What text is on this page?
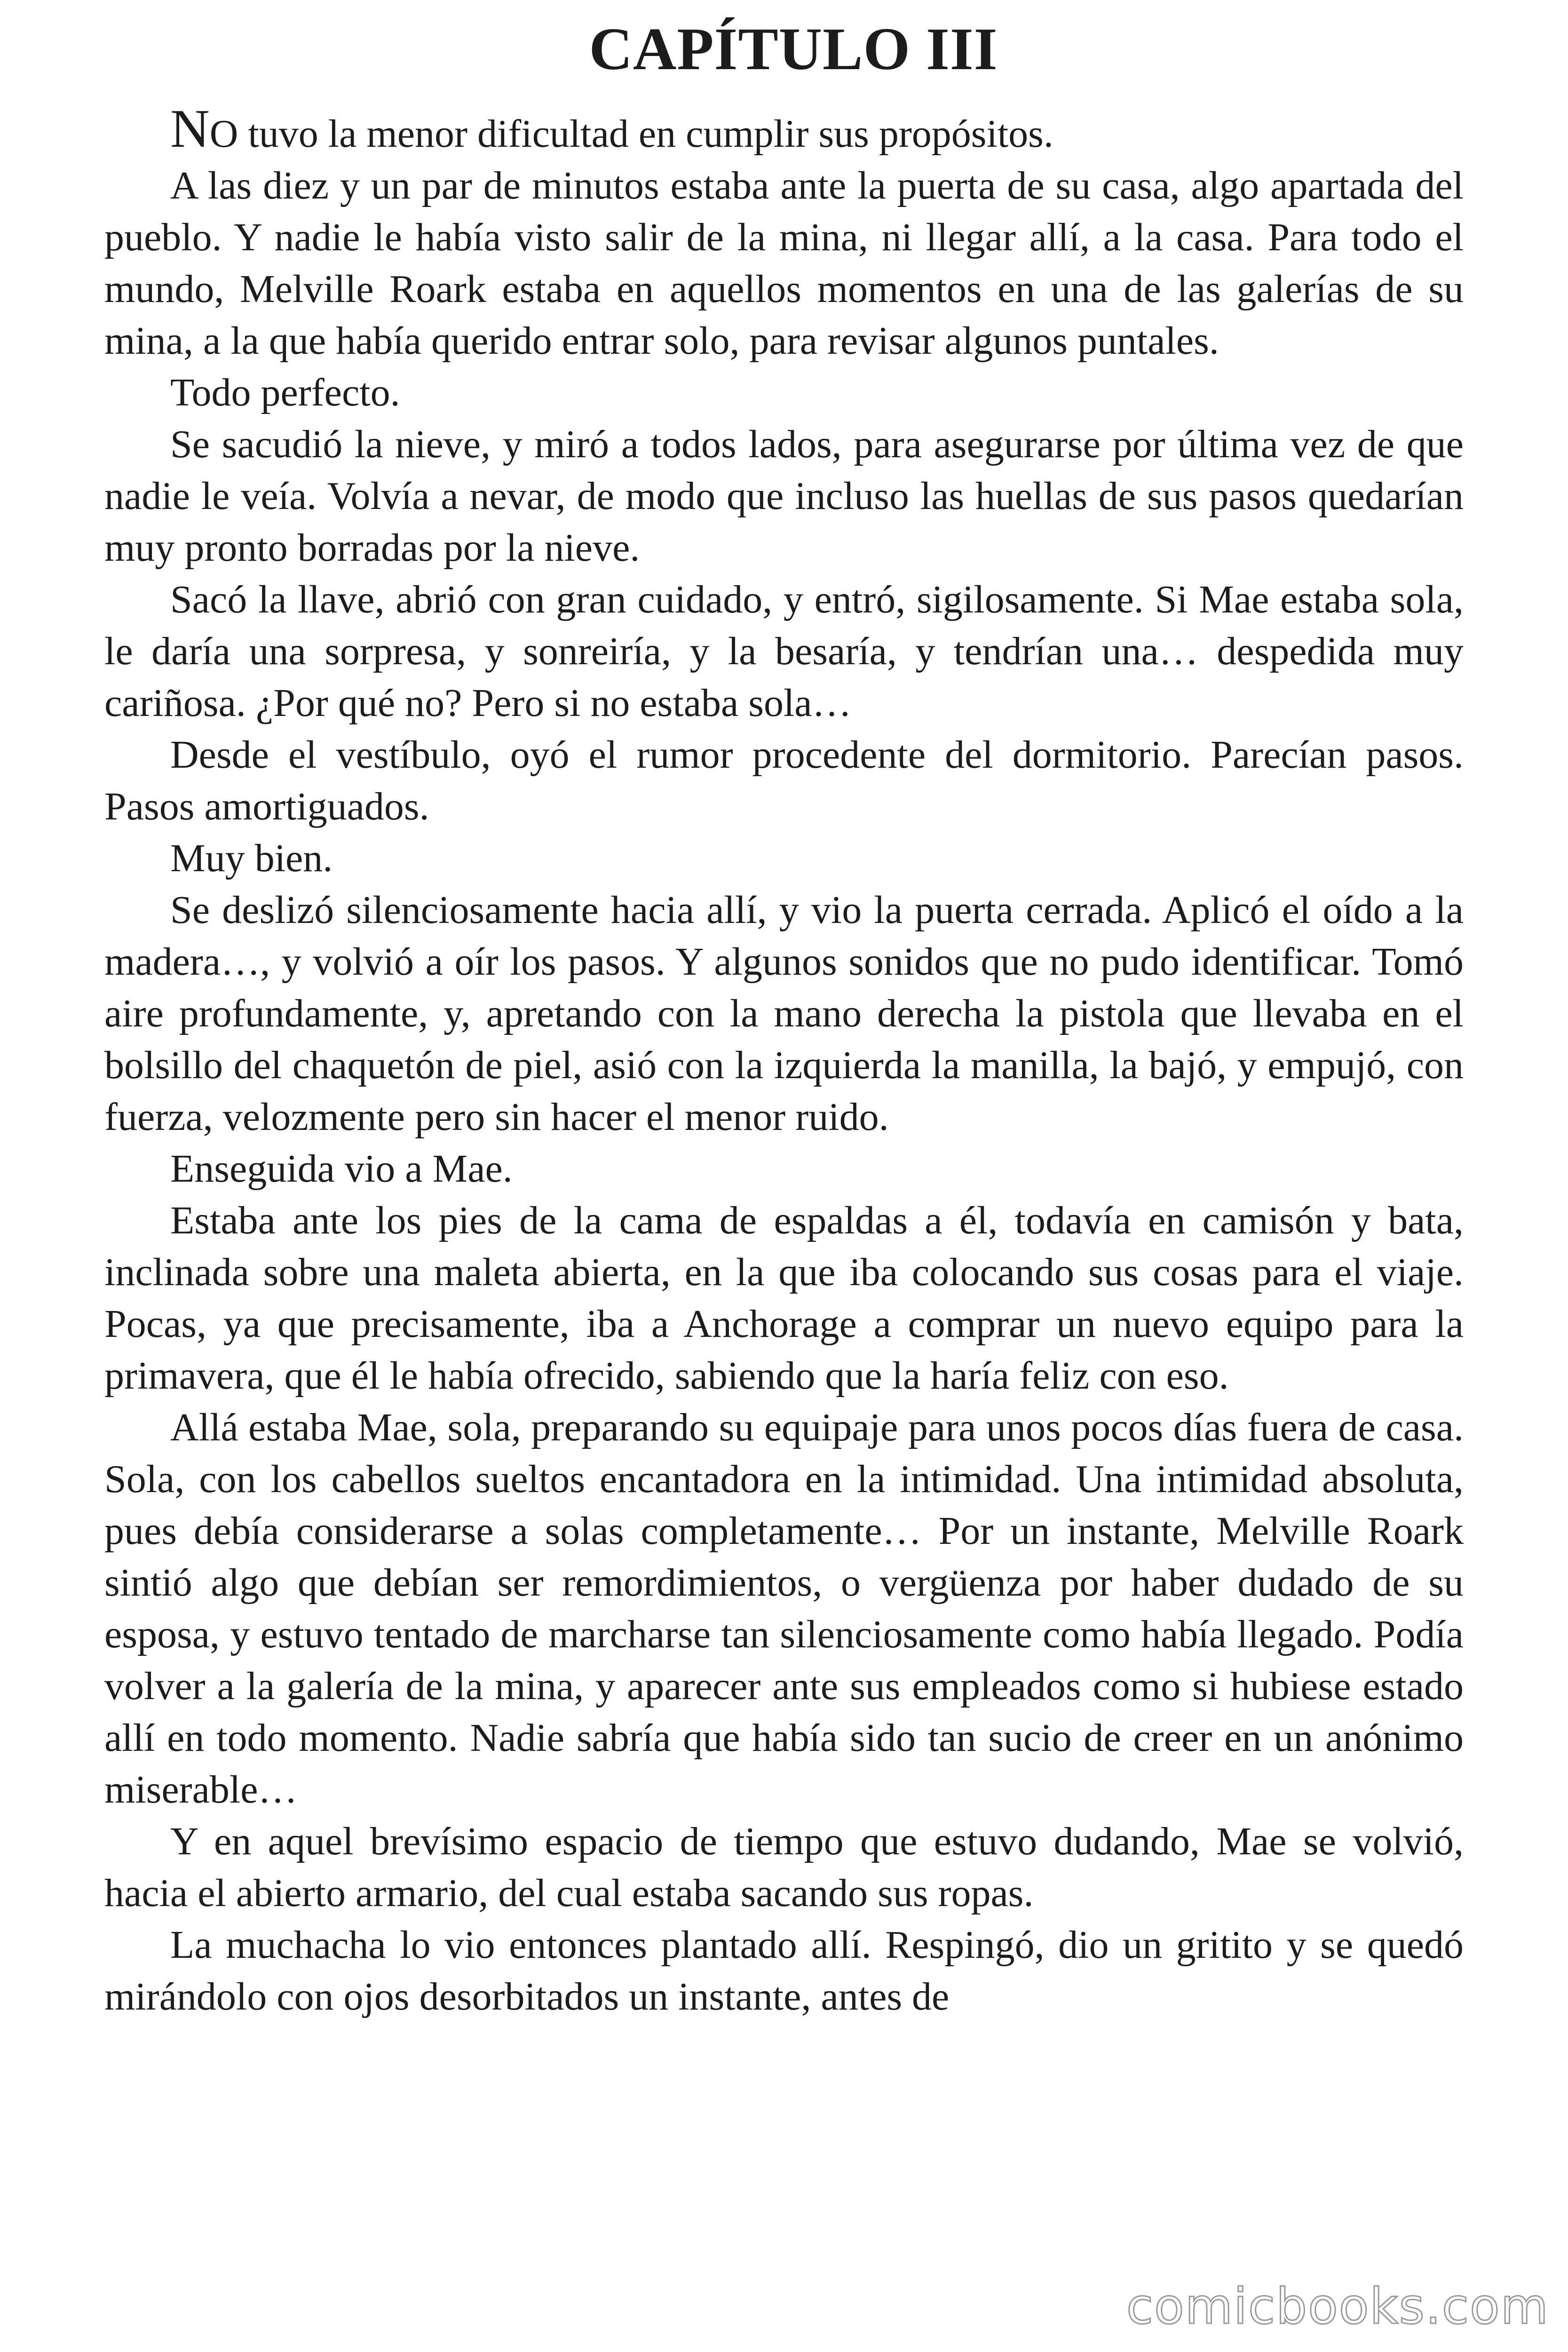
CAPÍTULO III

NO tuvo la menor dificultad en cumplir sus propósitos.

A las diez y un par de minutos estaba ante la puerta de su casa, algo apartada del pueblo. Y nadie le había visto salir de la mina, ni llegar allí, a la casa. Para todo el mundo, Melville Roark estaba en aquellos momentos en una de las galerías de su mina, a la que había querido entrar solo, para revisar algunos puntales.

Todo perfecto.

Se sacudió la nieve, y miró a todos lados, para asegurarse por última vez de que nadie le veía. Volvía a nevar, de modo que incluso las huellas de sus pasos quedarían muy pronto borradas por la nieve.

Sacó la llave, abrió con gran cuidado, y entró, sigilosamente. Si Mae estaba sola, le daría una sorpresa, y sonreiría, y la besaría, y tendrían una… despedida muy cariñosa. ¿Por qué no? Pero si no estaba sola…

Desde el vestíbulo, oyó el rumor procedente del dormitorio. Parecían pasos. Pasos amortiguados.

Muy bien.

Se deslizó silenciosamente hacia allí, y vio la puerta cerrada. Aplicó el oído a la madera…, y volvió a oír los pasos. Y algunos sonidos que no pudo identificar. Tomó aire profundamente, y, apretando con la mano derecha la pistola que llevaba en el bolsillo del chaquetón de piel, asió con la izquierda la manilla, la bajó, y empujó, con fuerza, velozmente pero sin hacer el menor ruido.

Enseguida vio a Mae.

Estaba ante los pies de la cama de espaldas a él, todavía en camisón y bata, inclinada sobre una maleta abierta, en la que iba colocando sus cosas para el viaje. Pocas, ya que precisamente, iba a Anchorage a comprar un nuevo equipo para la primavera, que él le había ofrecido, sabiendo que la haría feliz con eso.

Allá estaba Mae, sola, preparando su equipaje para unos pocos días fuera de casa. Sola, con los cabellos sueltos encantadora en la intimidad. Una intimidad absoluta, pues debía considerarse a solas completamente… Por un instante, Melville Roark sintió algo que debían ser remordimientos, o vergüenza por haber dudado de su esposa, y estuvo tentado de marcharse tan silenciosamente como había llegado. Podía volver a la galería de la mina, y aparecer ante sus empleados como si hubiese estado allí en todo momento. Nadie sabría que había sido tan sucio de creer en un anónimo miserable…

Y en aquel brevísimo espacio de tiempo que estuvo dudando, Mae se volvió, hacia el abierto armario, del cual estaba sacando sus ropas.

La muchacha lo vio entonces plantado allí. Respingó, dio un gritito y se quedó mirándolo con ojos desorbitados un instante, antes de

comicbooks.com
